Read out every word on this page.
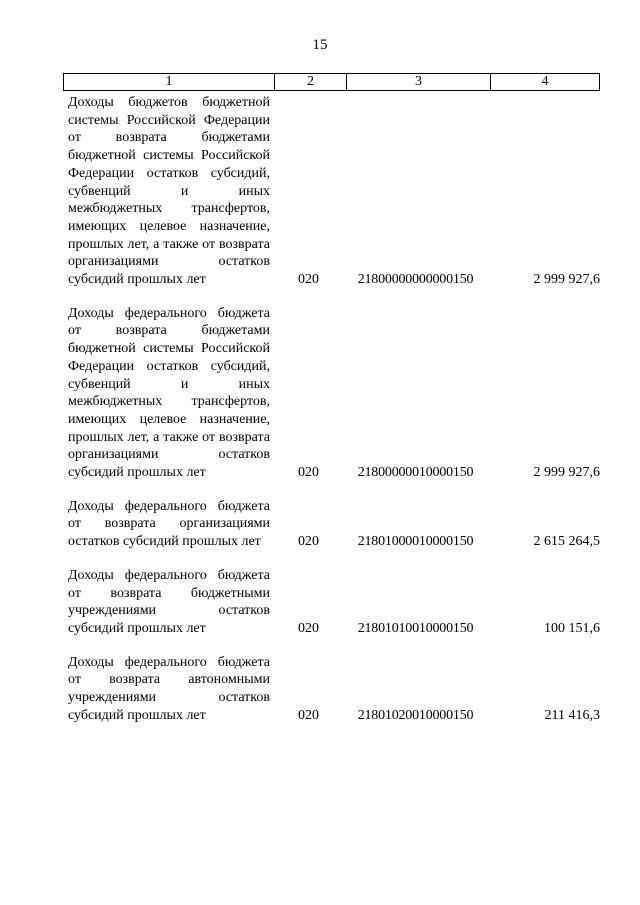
15
1	2	3	4
Доходы бюджетов бюджетной системы Российской Федерации от возврата бюджетами бюджетной системы Российской Федерации остатков субсидий, субвенций и иных межбюджетных трансфертов, имеющих целевое назначение, прошлых лет, а также от возврата организациями остатков субсидий прошлых лет	020	21800000000000150	2 999 927,6
Доходы федерального бюджета от возврата бюджетами бюджетной системы Российской Федерации остатков субсидий, субвенций и иных межбюджетных трансфертов, имеющих целевое назначение, прошлых лет, а также от возврата организациями остатков субсидий прошлых лет	020	21800000010000150	2 999 927,6
Доходы федерального бюджета от возврата организациями остатков субсидий прошлых лет	020	21801000010000150	2 615 264,5
Доходы федерального бюджета от возврата бюджетными учреждениями остатков субсидий прошлых лет	020	21801010010000150	100 151,6
Доходы федерального бюджета от возврата автономными учреждениями остатков субсидий прошлых лет	020	21801020010000150	211 416,3
